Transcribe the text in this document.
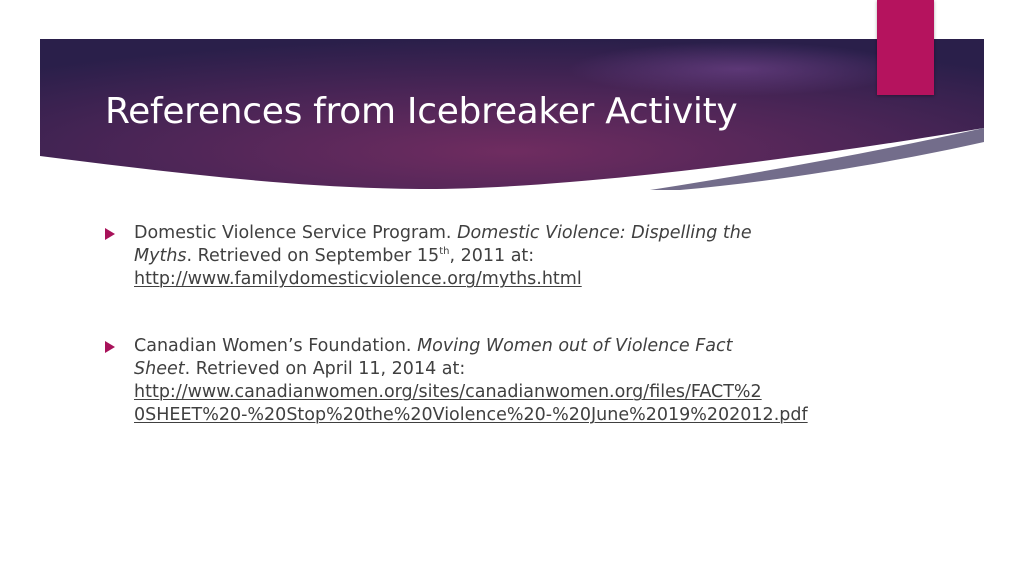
References from Icebreaker Activity
Domestic Violence Service Program. Domestic Violence: Dispelling the
Myths. Retrieved on September 15th, 2011 at:
http://www.familydomesticviolence.org/myths.html
Canadian Women’s Foundation. Moving Women out of Violence Fact
Sheet. Retrieved on April 11, 2014 at:
http://www.canadianwomen.org/sites/canadianwomen.org/files/FACT%2
0SHEET%20-%20Stop%20the%20Violence%20-%20June%2019%202012.pdf
